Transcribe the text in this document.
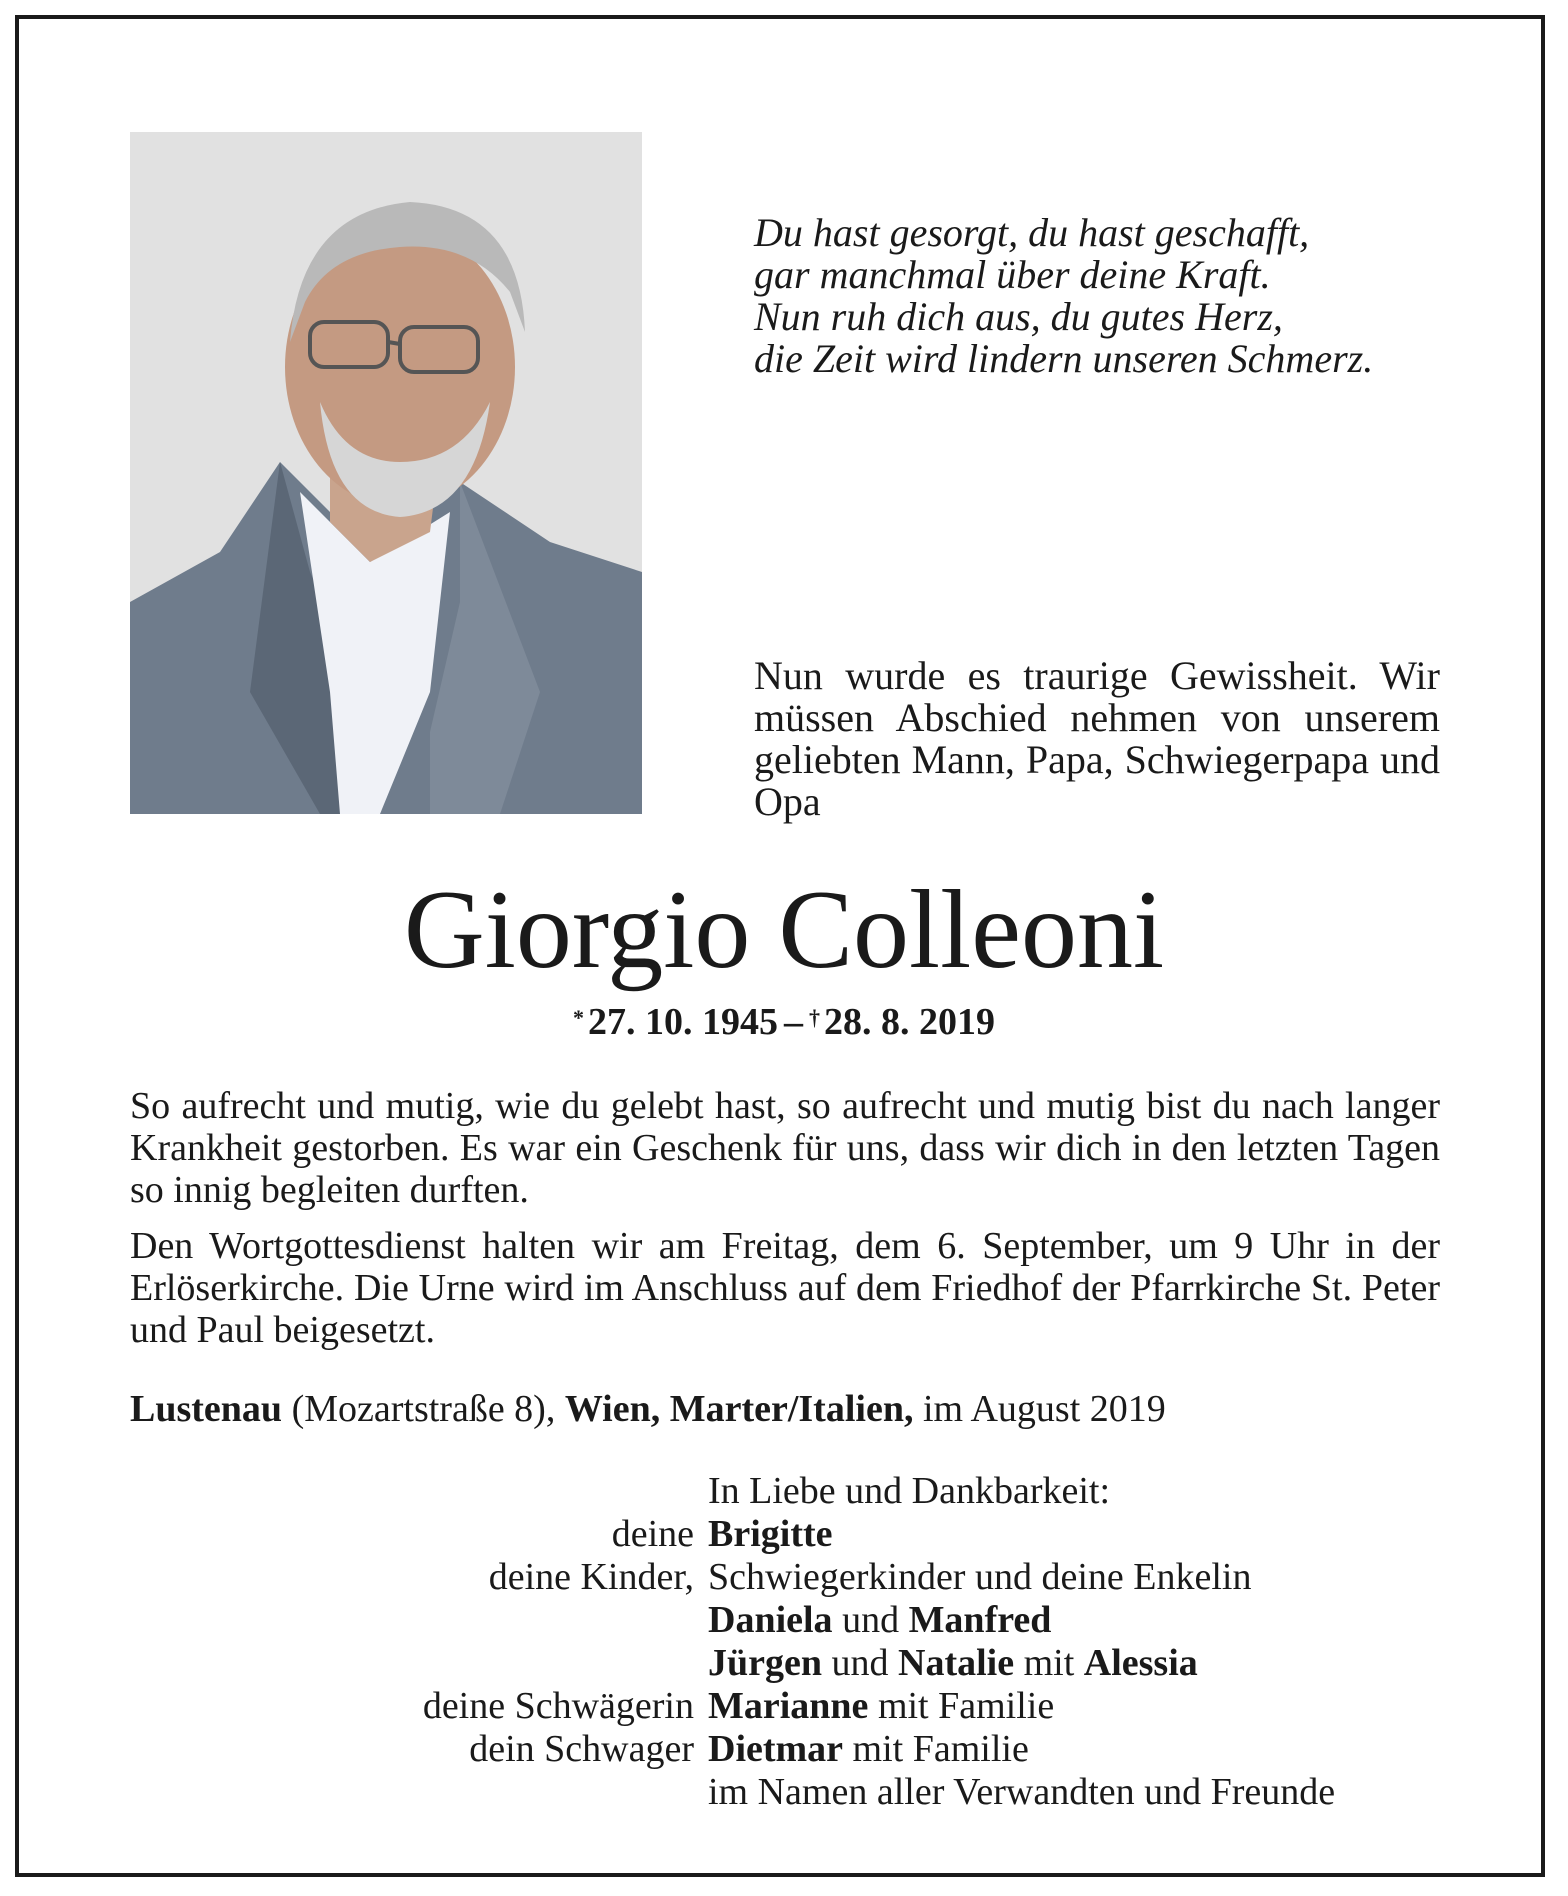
Du hast gesorgt, du hast geschafft,
gar manchmal über deine Kraft.
Nun ruh dich aus, du gutes Herz,
die Zeit wird lindern unseren Schmerz.
Nun wurde es traurige Gewissheit. Wir müssen Abschied nehmen von unserem geliebten Mann, Papa, Schwiegerpapa und Opa
Giorgio Colleoni
* 27. 10. 1945 – † 28. 8. 2019
So aufrecht und mutig, wie du gelebt hast, so aufrecht und mutig bist du nach langer Krankheit gestorben. Es war ein Geschenk für uns, dass wir dich in den letzten Tagen so innig begleiten durften.
Den Wortgottesdienst halten wir am Freitag, dem 6. September, um 9 Uhr in der Erlöserkirche. Die Urne wird im Anschluss auf dem Friedhof der Pfarrkirche St. Peter und Paul beigesetzt.
Lustenau (Mozartstraße 8), Wien, Marter/Italien, im August 2019
In Liebe und Dankbarkeit:
deine Brigitte
deine Kinder, Schwiegerkinder und deine Enkelin
Daniela und Manfred
Jürgen und Natalie mit Alessia
deine Schwägerin Marianne mit Familie
dein Schwager Dietmar mit Familie
im Namen aller Verwandten und Freunde
